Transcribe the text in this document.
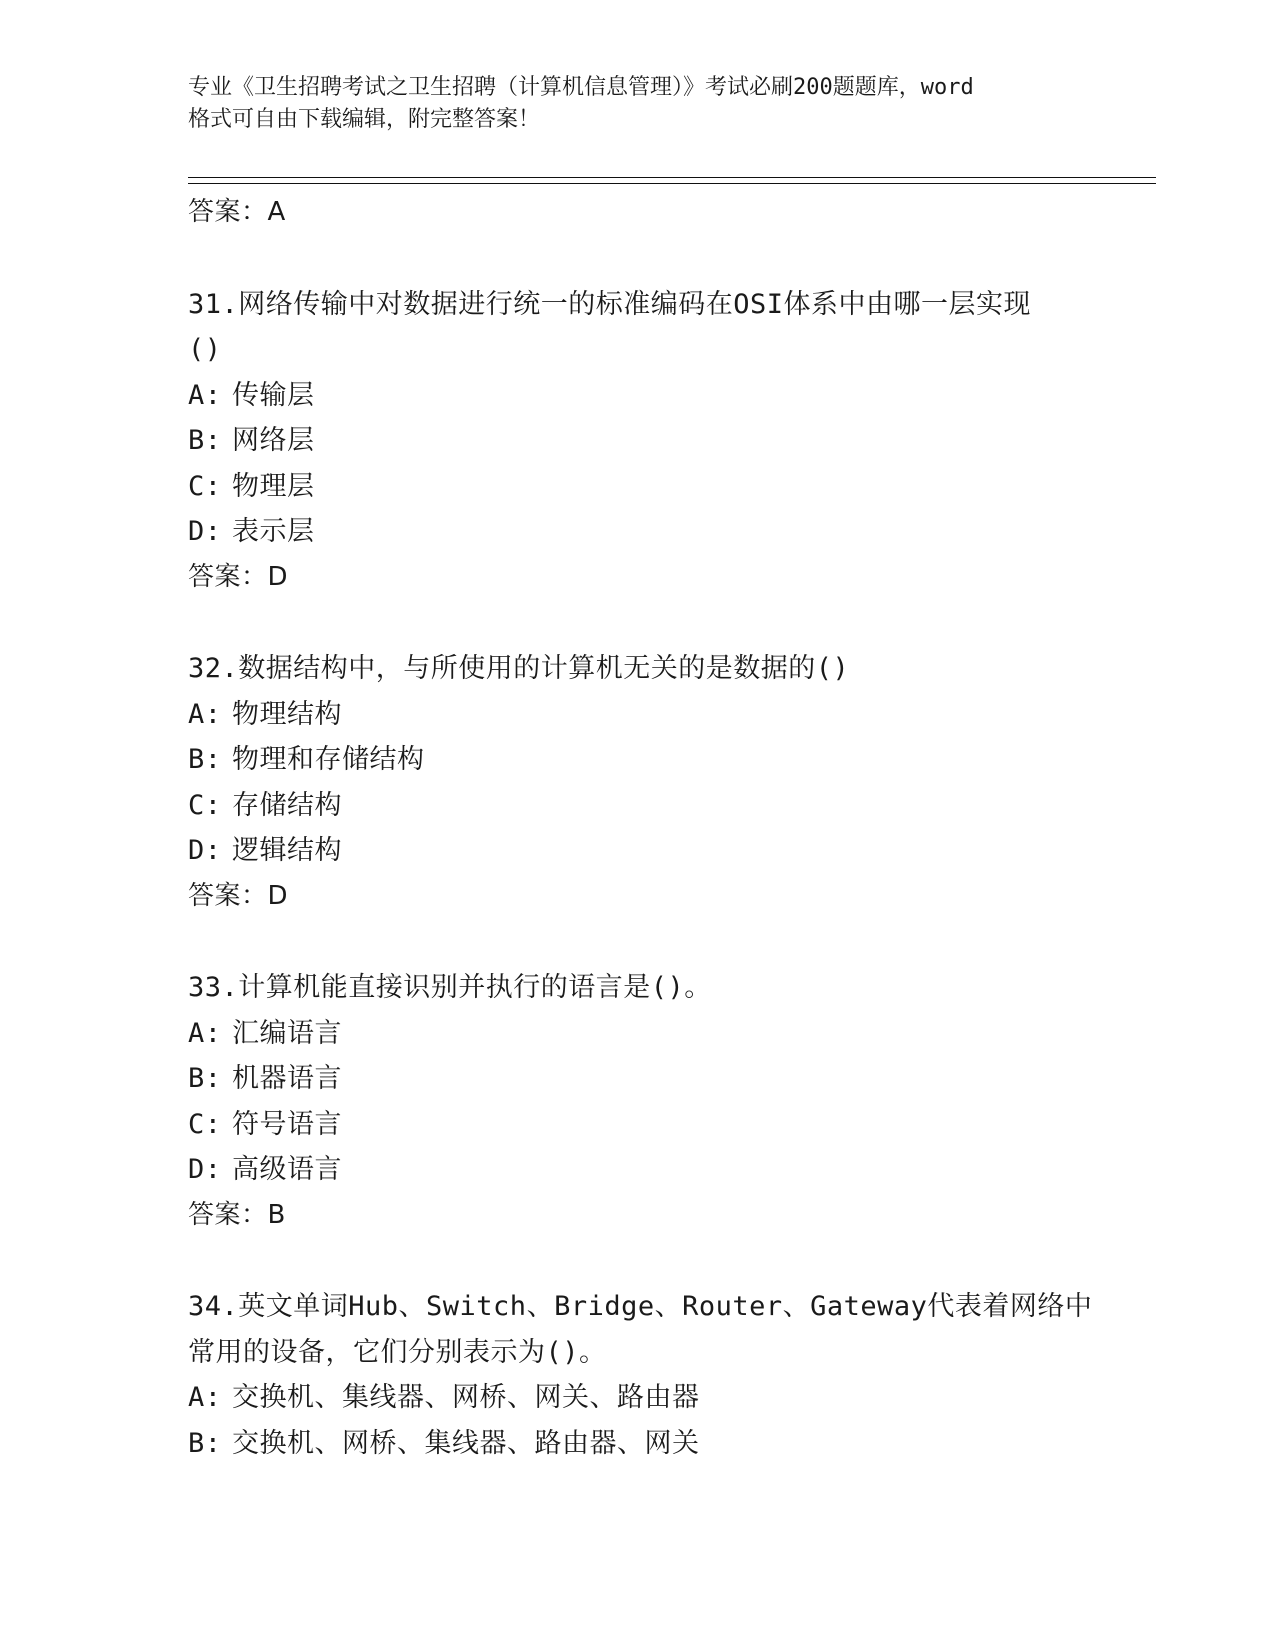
专业《卫生招聘考试之卫生招聘（计算机信息管理）》考试必刷200题题库，word
格式可自由下载编辑，附完整答案！
答案：A
31.网络传输中对数据进行统一的标准编码在OSI体系中由哪一层实现
()
A: 传输层
B: 网络层
C: 物理层
D: 表示层
答案：D
32.数据结构中，与所使用的计算机无关的是数据的()
A: 物理结构
B: 物理和存储结构
C: 存储结构
D: 逻辑结构
答案：D
33.计算机能直接识别并执行的语言是()。
A: 汇编语言
B: 机器语言
C: 符号语言
D: 高级语言
答案：B
34.英文单词Hub、Switch、Bridge、Router、Gateway代表着网络中
常用的设备，它们分别表示为()。
A: 交换机、集线器、网桥、网关、路由器
B: 交换机、网桥、集线器、路由器、网关
